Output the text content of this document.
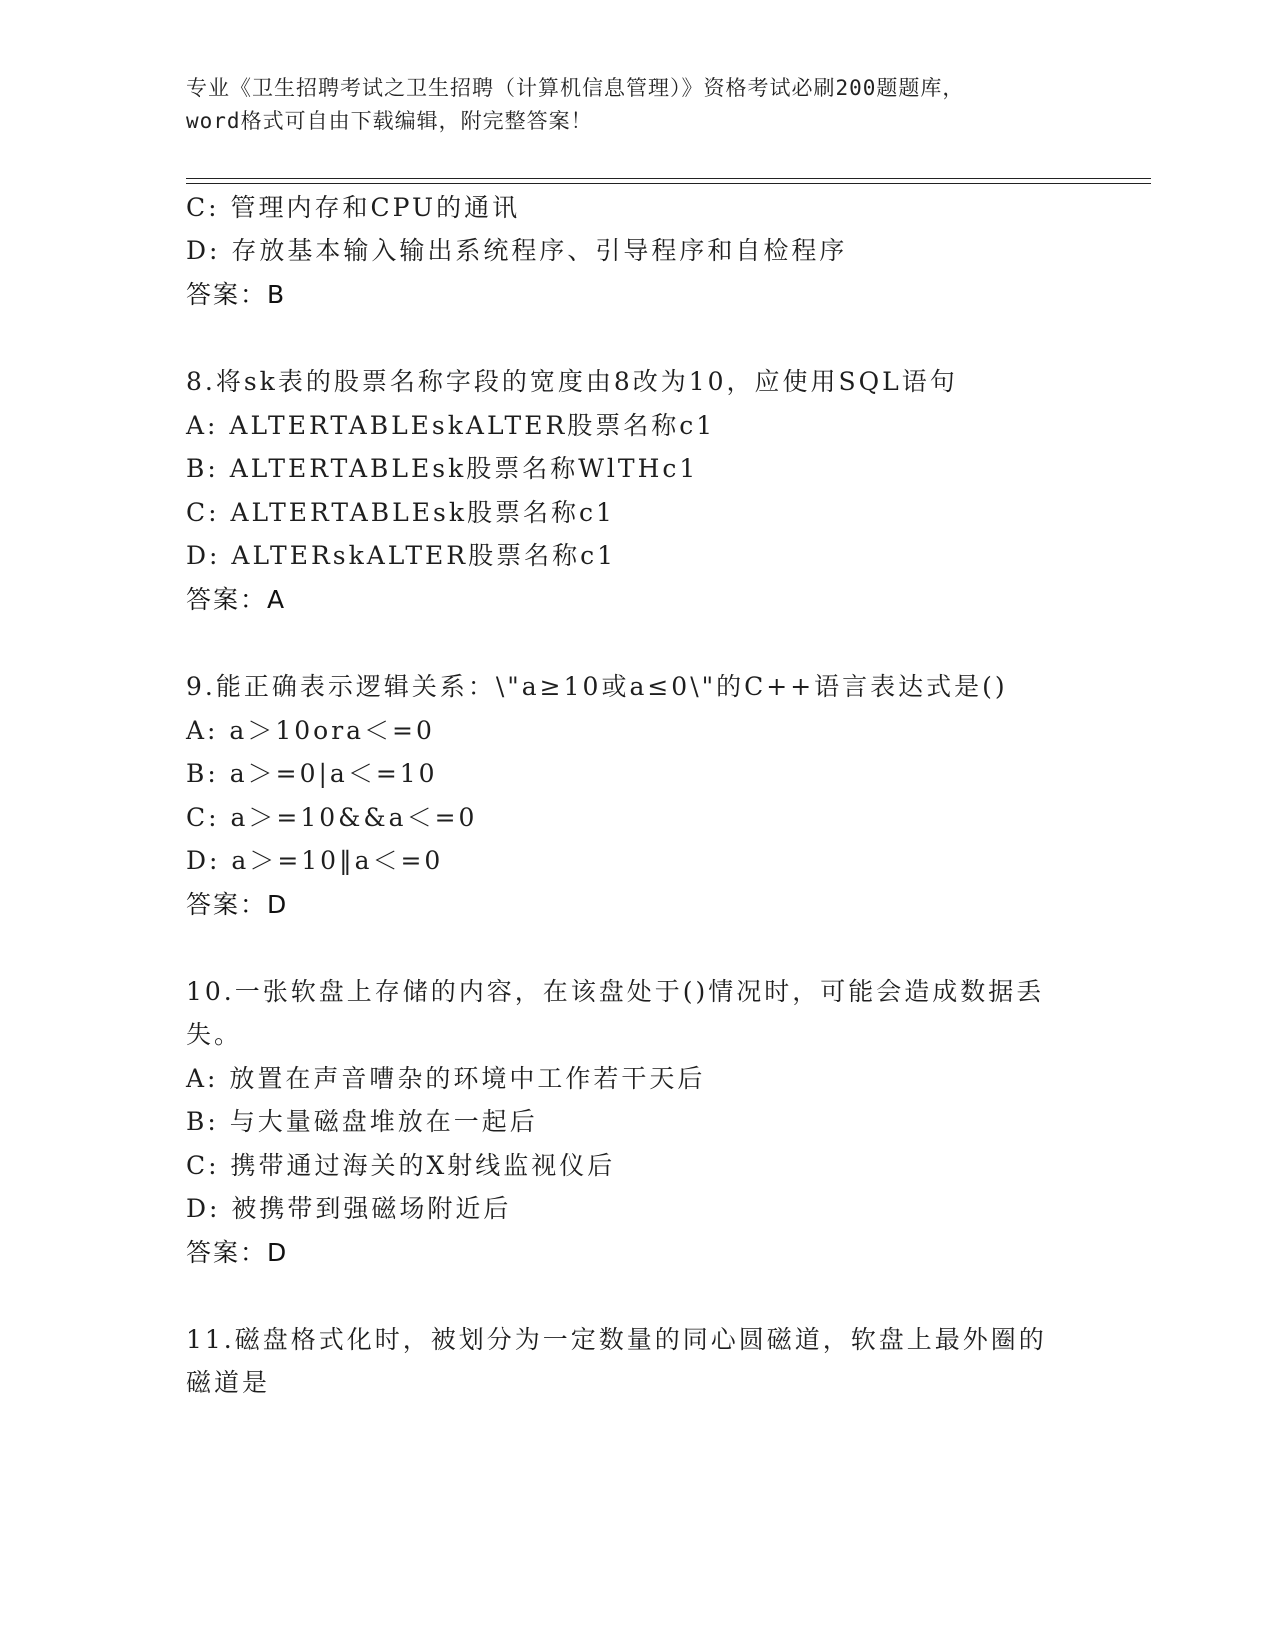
专业《卫生招聘考试之卫生招聘（计算机信息管理）》资格考试必刷200题题库，
word格式可自由下载编辑，附完整答案！
C: 管理内存和CPU的通讯
D: 存放基本输入输出系统程序、引导程序和自检程序
答案：B
8.将sk表的股票名称字段的宽度由8改为10，应使用SQL语句
A: ALTERTABLEskALTER股票名称c1
B: ALTERTABLEsk股票名称WlTHc1
C: ALTERTABLEsk股票名称c1
D: ALTERskALTER股票名称c1
答案：A
9.能正确表示逻辑关系：\"a≥10或a≤0\"的C++语言表达式是()
A: a＞10ora＜=0
B: a＞=0|a＜=10
C: a＞=10&&a＜=0
D: a＞=10‖a＜=0
答案：D
10.一张软盘上存储的内容，在该盘处于()情况时，可能会造成数据丢
失。
A: 放置在声音嘈杂的环境中工作若干天后
B: 与大量磁盘堆放在一起后
C: 携带通过海关的X射线监视仪后
D: 被携带到强磁场附近后
答案：D
11.磁盘格式化时，被划分为一定数量的同心圆磁道，软盘上最外圈的
磁道是
